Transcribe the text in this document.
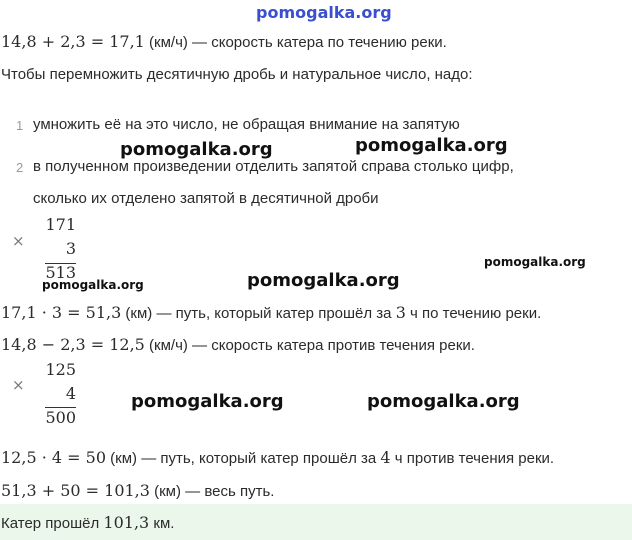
pomogalka.org
14,8 + 2,3 = 17,1 (км/ч) — скорость катера по течению реки.
Чтобы перемножить десятичную дробь и натуральное число, надо:
1 умножить её на это число, не обращая внимание на запятую
2 в полученном произведении отделить запятой справа столько цифр,
сколько их отделено запятой в десятичной дроби
pomogalka.org	pomogalka.org
×
171
3
513
pomogalka.org	pomogalka.org
pomogalka.org
17,1 · 3 = 51,3 (км) — путь, который катер прошёл за 3 ч по течению реки.
14,8 − 2,3 = 12,5 (км/ч) — скорость катера против течения реки.
×
125
4
500
pomogalka.org	pomogalka.org
12,5 · 4 = 50 (км) — путь, который катер прошёл за 4 ч против течения реки.
51,3 + 50 = 101,3 (км) — весь путь.
Катер прошёл 101,3 км.
